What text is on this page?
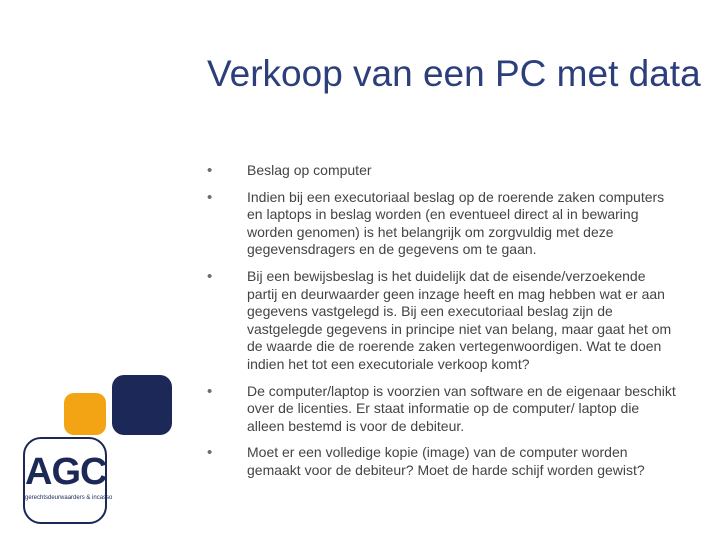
Verkoop van een PC met data
• Beslag op computer
• Indien bij een executoriaal beslag op de roerende zaken computers en laptops in beslag worden (en eventueel direct al in bewaring worden genomen) is het belangrijk om zorgvuldig met deze gegevensdragers en de gegevens om te gaan.
• Bij een bewijsbeslag is het duidelijk dat de eisende/verzoekende partij en deurwaarder geen inzage heeft en mag hebben wat er aan gegevens vastgelegd is. Bij een executoriaal beslag zijn de vastgelegde gegevens in principe niet van belang, maar gaat het om de waarde die de roerende zaken vertegenwoordigen. Wat te doen indien het tot een executoriale verkoop komt?
• De computer/laptop is voorzien van software en de eigenaar beschikt over de licenties. Er staat informatie op de computer/ laptop die alleen bestemd is voor de debiteur.
• Moet er een volledige kopie (image) van de computer worden gemaakt voor de debiteur? Moet de harde schijf worden gewist?
AGC
gerechtsdeurwaarders & incasso
